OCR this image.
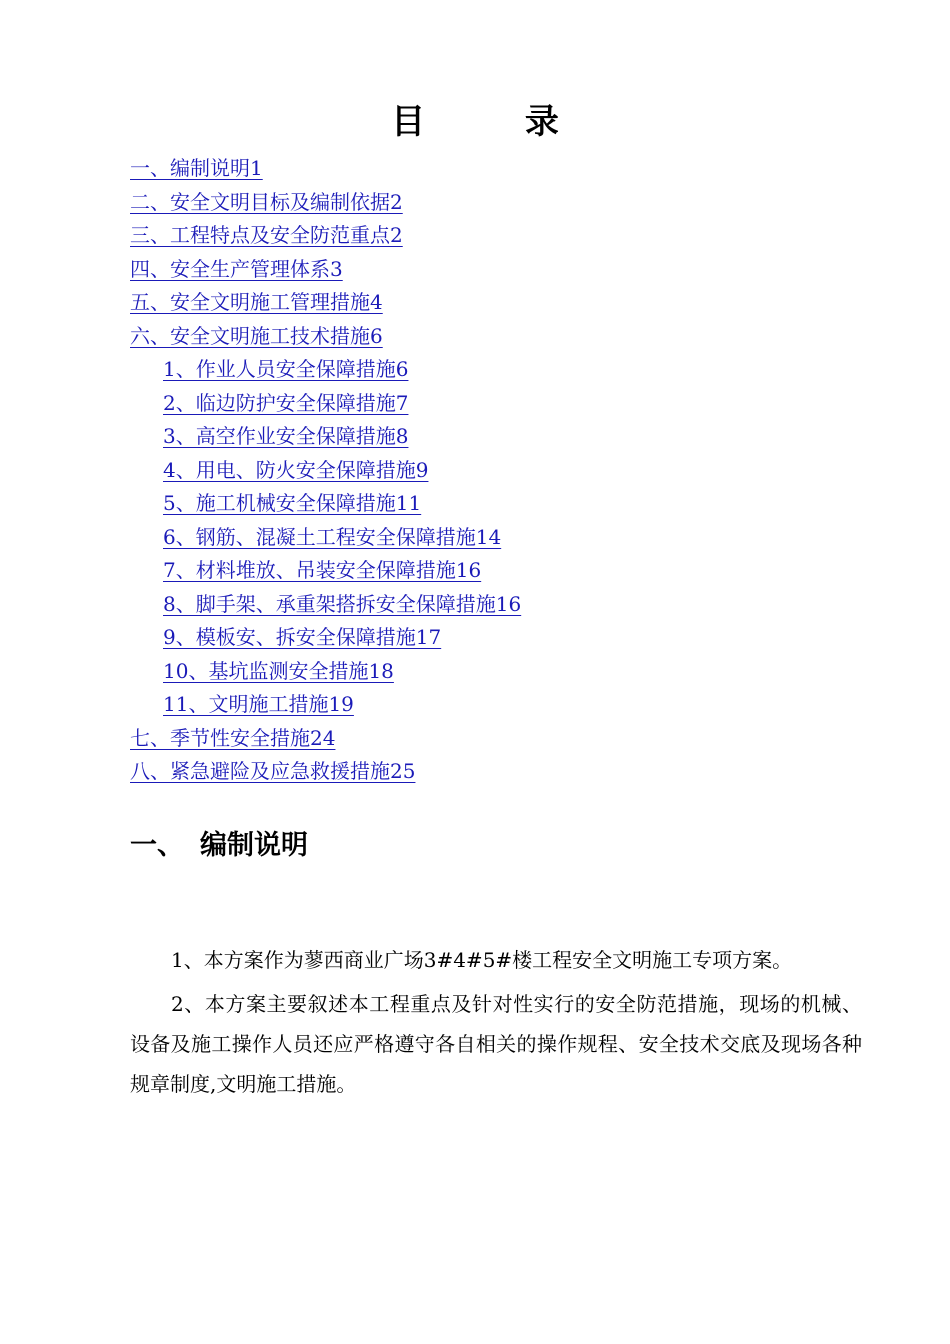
目 录
一、编制说明1
二、安全文明目标及编制依据2
三、工程特点及安全防范重点2
四、安全生产管理体系3
五、安全文明施工管理措施4
六、安全文明施工技术措施6
1、作业人员安全保障措施6
2、临边防护安全保障措施7
3、高空作业安全保障措施8
4、用电、防火安全保障措施9
5、施工机械安全保障措施11
6、钢筋、混凝土工程安全保障措施14
7、材料堆放、吊装安全保障措施16
8、脚手架、承重架搭拆安全保障措施16
9、模板安、拆安全保障措施17
10、基坑监测安全措施18
11、文明施工措施19
七、季节性安全措施24
八、紧急避险及应急救援措施25
一、 编制说明

1、本方案作为蓼西商业广场3#4#5#楼工程安全文明施工专项方案。

2、本方案主要叙述本工程重点及针对性实行的安全防范措施，现场的机械、设备及施工操作人员还应严格遵守各自相关的操作规程、安全技术交底及现场各种规章制度,文明施工措施。
